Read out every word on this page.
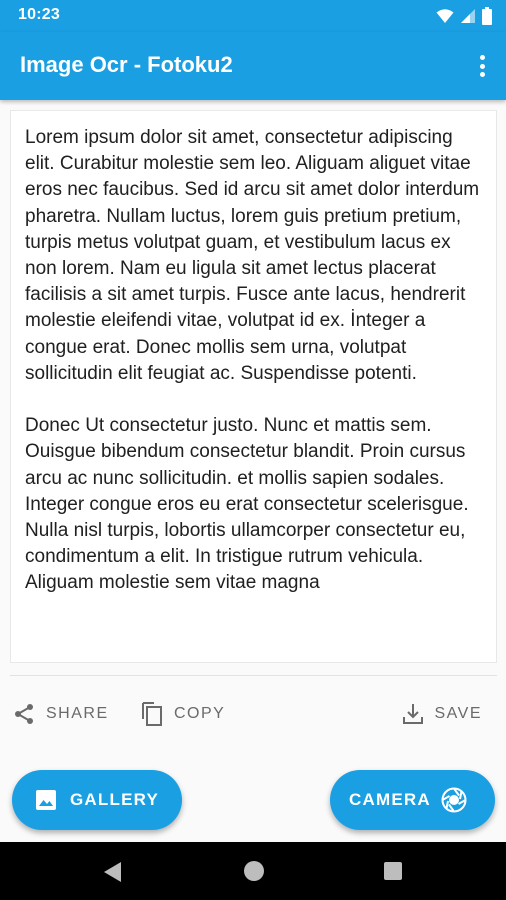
10:23
Image Ocr - Fotoku2
Lorem ipsum dolor sit amet, consectetur adipiscing elit. Curabitur molestie sem leo. Aliguam aliguet vitae eros nec faucibus. Sed id arcu sit amet dolor interdum pharetra. Nullam luctus, lorem guis pretium pretium, turpis metus volutpat guam, et vestibulum lacus ex non lorem. Nam eu ligula sit amet lectus placerat facilisis a sit amet turpis. Fusce ante lacus, hendrerit molestie eleifendi vitae, volutpat id ex. İnteger a congue erat. Donec mollis sem urna, volutpat sollicitudin elit feugiat ac. Suspendisse potenti.

Donec Ut consectetur justo. Nunc et mattis sem. Ouisgue bibendum consectetur blandit. Proin cursus arcu ac nunc sollicitudin. et mollis sapien sodales. Integer congue eros eu erat consectetur scelerisgue. Nulla nisl turpis, lobortis ullamcorper consectetur eu, condimentum a elit. In tristigue rutrum vehicula. Aliguam molestie sem vitae magna
SHARE	COPY	SAVE
GALLERY	CAMERA
